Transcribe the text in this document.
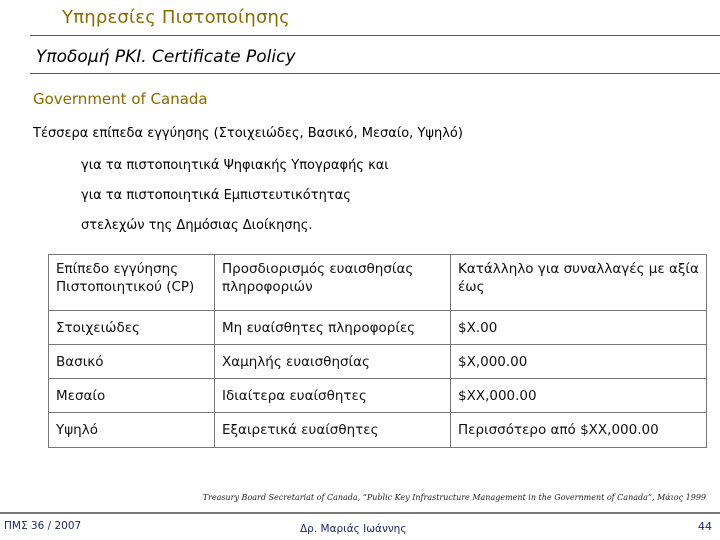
Υπηρεσίες Πιστοποίησης
Υποδομή PKI. Certificate Policy
Government of Canada
Τέσσερα επίπεδα εγγύησης (Στοιχειώδες, Βασικό, Μεσαίο, Υψηλό)
για τα πιστοποιητικά Ψηφιακής Υπογραφής και
για τα πιστοποιητικά Εμπιστευτικότητας
στελεχών της Δημόσιας Διοίκησης.
Επίπεδο εγγύησης Πιστοποιητικού (CP)	Προσδιορισμός ευαισθησίας πληροφοριών	Κατάλληλο για συναλλαγές με αξία έως
Στοιχειώδες	Μη ευαίσθητες πληροφορίες	$X.00
Βασικό	Χαμηλής ευαισθησίας	$X,000.00
Μεσαίο	Ιδιαίτερα ευαίσθητες	$XX,000.00
Υψηλό	Εξαιρετικά ευαίσθητες	Περισσότερο από $XX,000.00
Treasury Board Secretariat of Canada, “Public Key Infrastructure Management in the Government of Canada”, Μάιος 1999
ΠΜΣ 36 / 2007	Δρ. Μαριάς Ιωάννης	44
